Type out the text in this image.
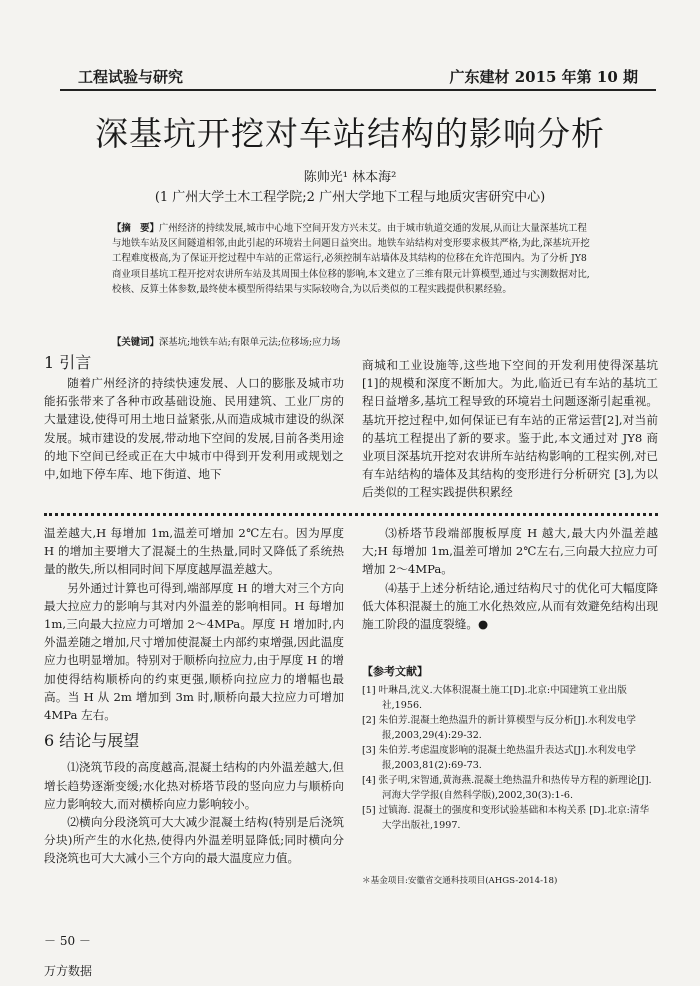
工程试验与研究	广东建材 2015 年第 10 期
深基坑开挖对车站结构的影响分析
陈帅光¹ 林本海²
(1 广州大学土木工程学院;2 广州大学地下工程与地质灾害研究中心)
【摘　要】广州经济的持续发展,城市中心地下空间开发方兴未艾。由于城市轨道交通的发展,从而让大量深基坑工程与地铁车站及区间隧道相邻,由此引起的环境岩土问题日益突出。地铁车站结构对变形要求极其严格,为此,深基坑开挖工程难度极高,为了保证开挖过程中车站的正常运行,必须控制车站墙体及其结构的位移在允许范围内。为了分析 JY8 商业项目基坑工程开挖对农讲所车站及其周围土体位移的影响,本文建立了三维有限元计算模型,通过与实测数据对比,校核、反算土体参数,最终使本模型所得结果与实际较吻合,为以后类似的工程实践提供积累经验。
【关键词】深基坑;地铁车站;有限单元法;位移场;应力场
1 引言

随着广州经济的持续快速发展、人口的膨胀及城市功能拓张带来了各种市政基础设施、民用建筑、工业厂房的大量建设,使得可用土地日益紧张,从而造成城市建设的纵深发展。城市建设的发展,带动地下空间的发展,目前各类用途的地下空间已经或正在大中城市中得到开发利用或规划之中,如地下停车库、地下街道、地下

商城和工业设施等,这些地下空间的开发利用使得深基坑[1]的规模和深度不断加大。为此,临近已有车站的基坑工程日益增多,基坑工程导致的环境岩土问题逐渐引起重视。基坑开挖过程中,如何保证已有车站的正常运营[2],对当前的基坑工程提出了新的要求。鉴于此,本文通过对 JY8 商业项目深基坑开挖对农讲所车站结构影响的工程实例,对已有车站结构的墙体及其结构的变形进行分析研究 [3],为以后类似的工程实践提供积累经

温差越大,H 每增加 1m,温差可增加 2℃左右。因为厚度 H 的增加主要增大了混凝土的生热量,同时又降低了系统热量的散失,所以相同时间下厚度越厚温差越大。

另外通过计算也可得到,端部厚度 H 的增大对三个方向最大拉应力的影响与其对内外温差的影响相同。H 每增加 1m,三向最大拉应力可增加 2～4MPa。厚度 H 增加时,内外温差随之增加,尺寸增加使混凝土内部约束增强,因此温度应力也明显增加。特别对于顺桥向拉应力,由于厚度 H 的增加使得结构顺桥向的约束更强,顺桥向拉应力的增幅也最高。当 H 从 2m 增加到 3m 时,顺桥向最大拉应力可增加 4MPa 左右。

6 结论与展望

⑴浇筑节段的高度越高,混凝土结构的内外温差越大,但增长趋势逐渐变缓;水化热对桥塔节段的竖向应力与顺桥向应力影响较大,而对横桥向应力影响较小。

⑵横向分段浇筑可大大减少混凝土结构(特别是后浇筑分块)所产生的水化热,使得内外温差明显降低;同时横向分段浇筑也可大大减小三个方向的最大温度应力值。

⑶桥塔节段端部腹板厚度 H 越大,最大内外温差越大;H 每增加 1m,温差可增加 2℃左右,三向最大拉应力可增加 2～4MPa。

⑷基于上述分析结论,通过结构尺寸的优化可大幅度降低大体积混凝土的施工水化热效应,从而有效避免结构出现施工阶段的温度裂缝。●

【参考文献】
[1] 叶琳昌,沈义.大体积混凝土施工[D].北京:中国建筑工业出版社,1956.
[2] 朱伯芳.混凝土绝热温升的新计算模型与反分析[J].水利发电学报,2003,29(4):29-32.
[3] 朱伯芳.考虑温度影响的混凝土绝热温升表达式[J].水利发电学报,2003,81(2):69-73.
[4] 张子明,宋智通,黄海燕.混凝土绝热温升和热传导方程的新理论[J].河海大学学报(自然科学版),2002,30(3):1-6.
[5] 过镇海. 混凝土的强度和变形试验基础和本构关系 [D].北京:清华大学出版社,1997.
＊基金项目:安徽省交通科技项目(AHGS-2014-18)
－ 50 －
万方数据
